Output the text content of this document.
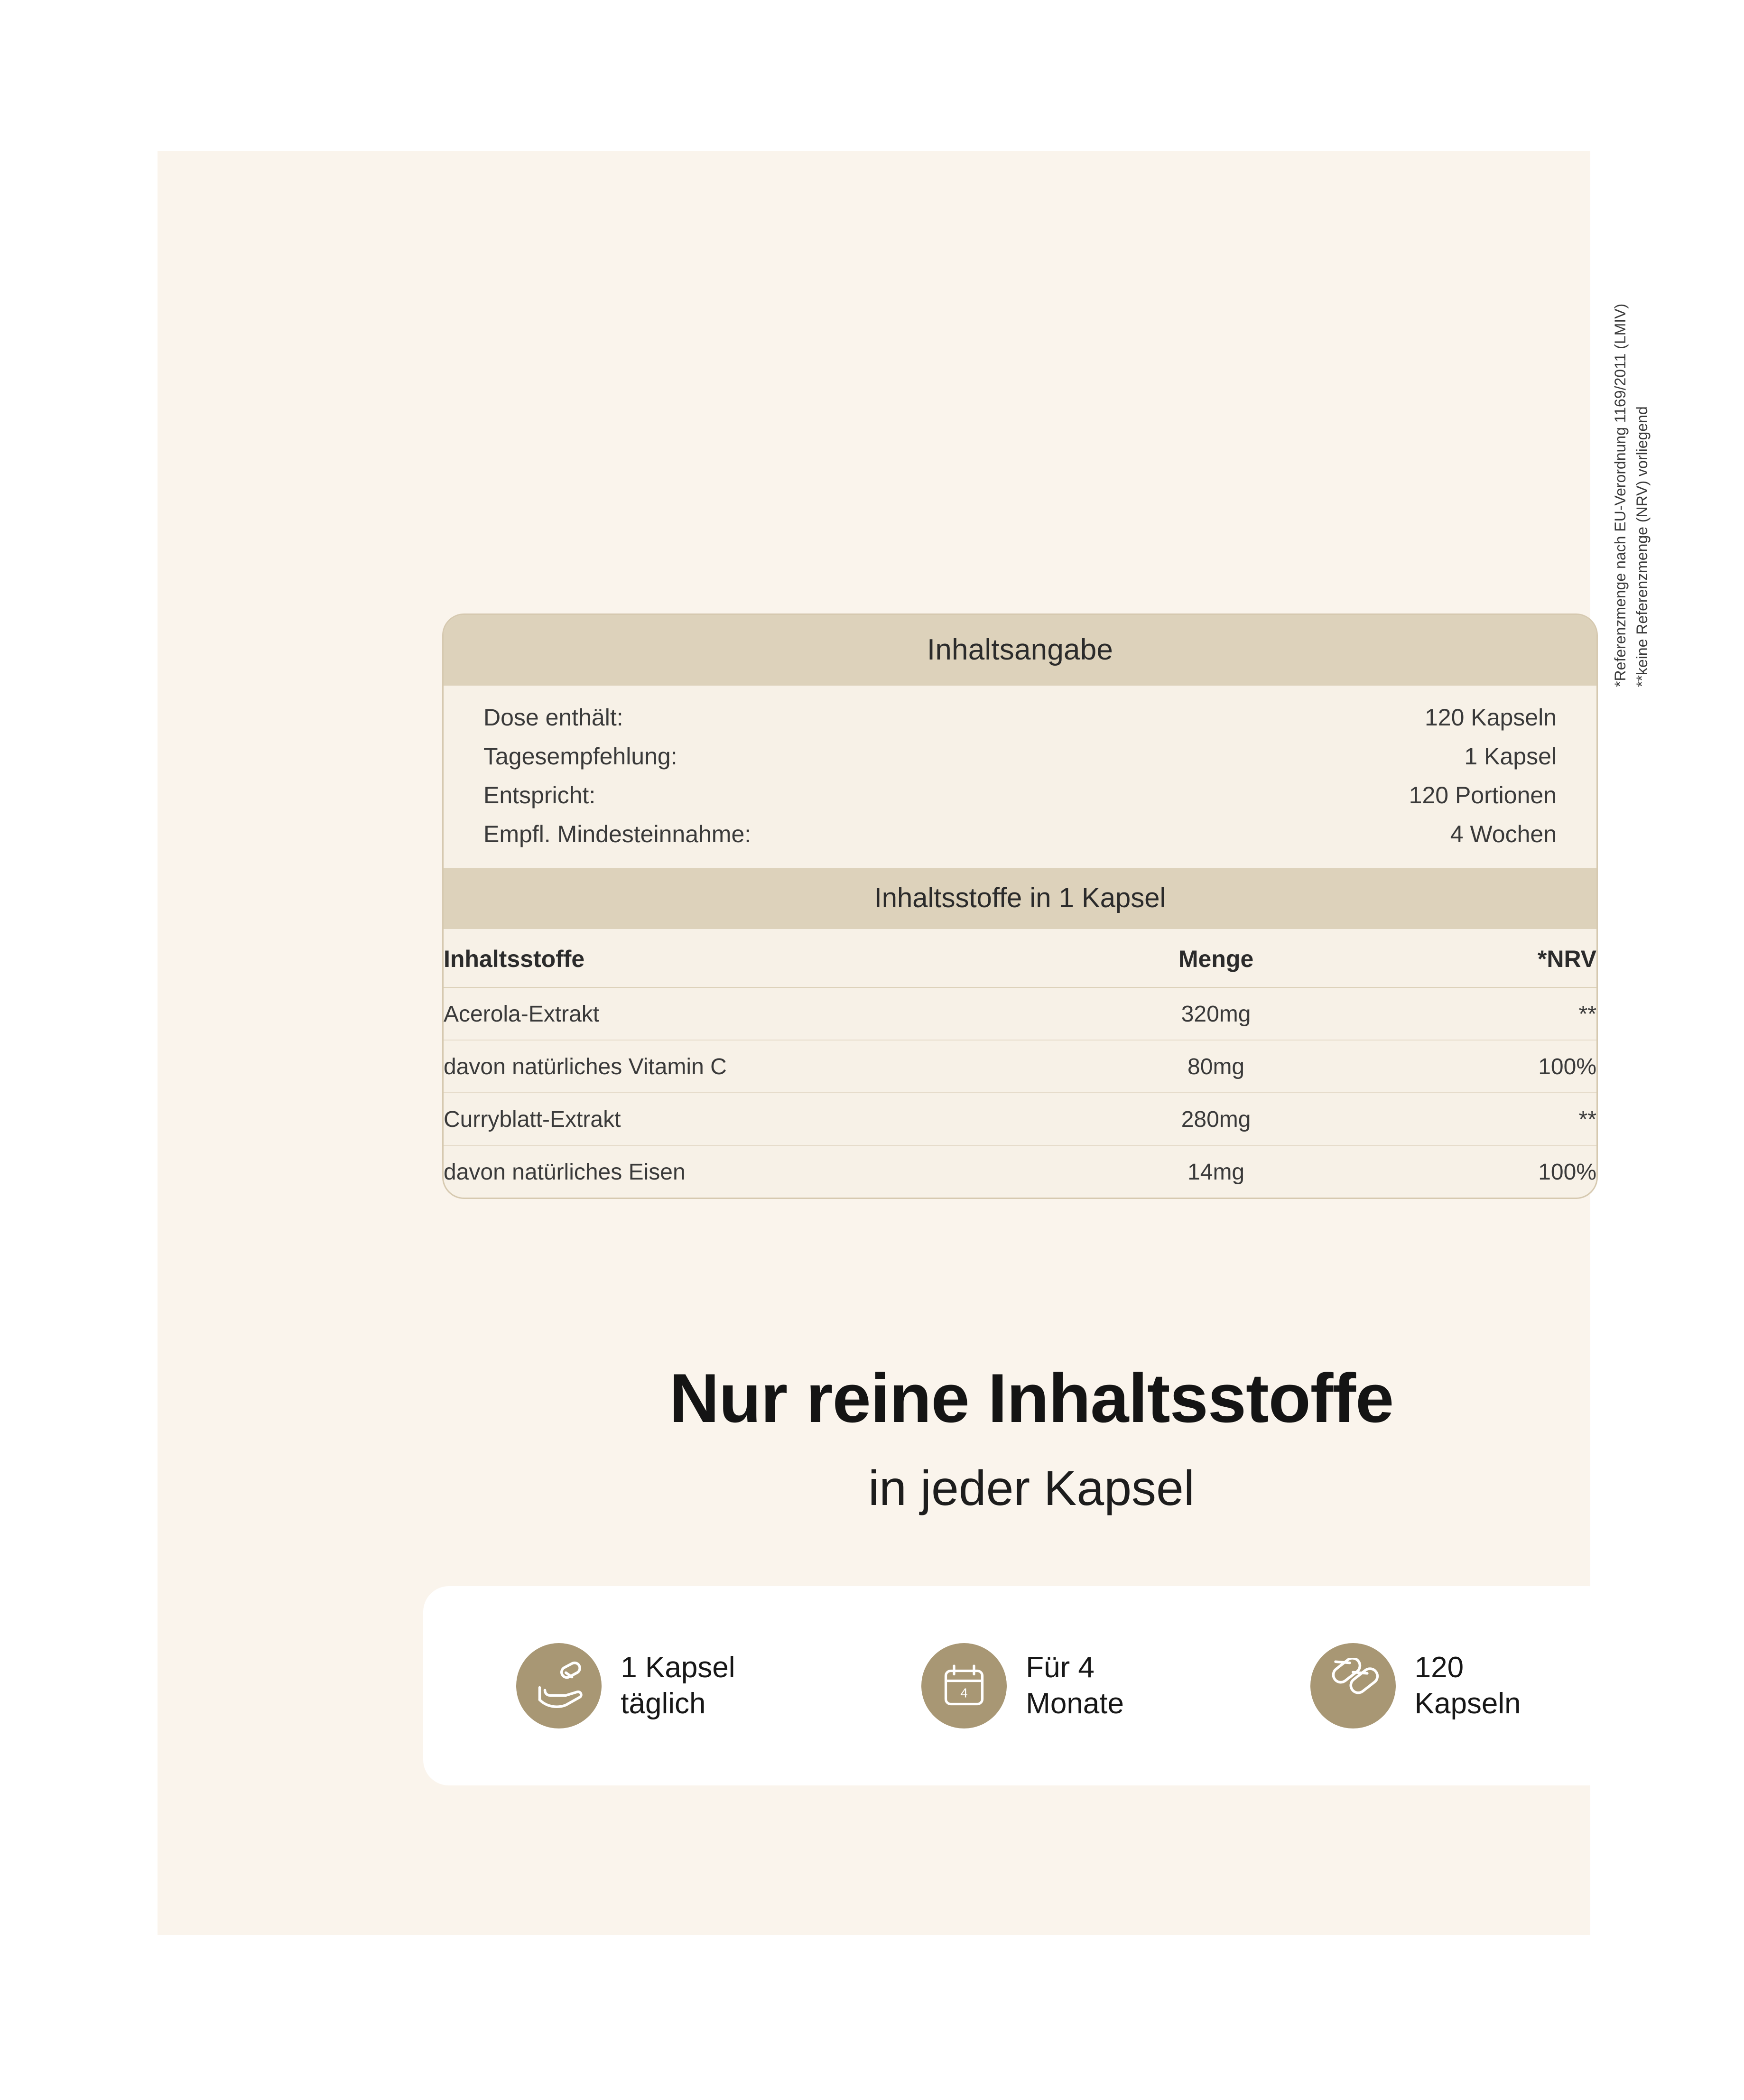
Inhaltsangabe
Dose enthält:	120 Kapseln
Tagesempfehlung:	1 Kapsel
Entspricht:	120 Portionen
Empfl. Mindesteinnahme:	4 Wochen
Inhaltsstoffe in 1 Kapsel
Inhaltsstoffe	Menge	*NRV
Acerola-Extrakt	320mg	**
davon natürliches Vitamin C	80mg	100%
Curryblatt-Extrakt	280mg	**
davon natürliches Eisen	14mg	100%
*Referenzmenge nach EU-Verordnung 1169/2011 (LMIV) **keine Referenzmenge (NRV) vorliegend
Nur reine Inhaltsstoffe
in jeder Kapsel
1 Kapsel
täglich	4
Für 4
Monate
120
Kapseln
